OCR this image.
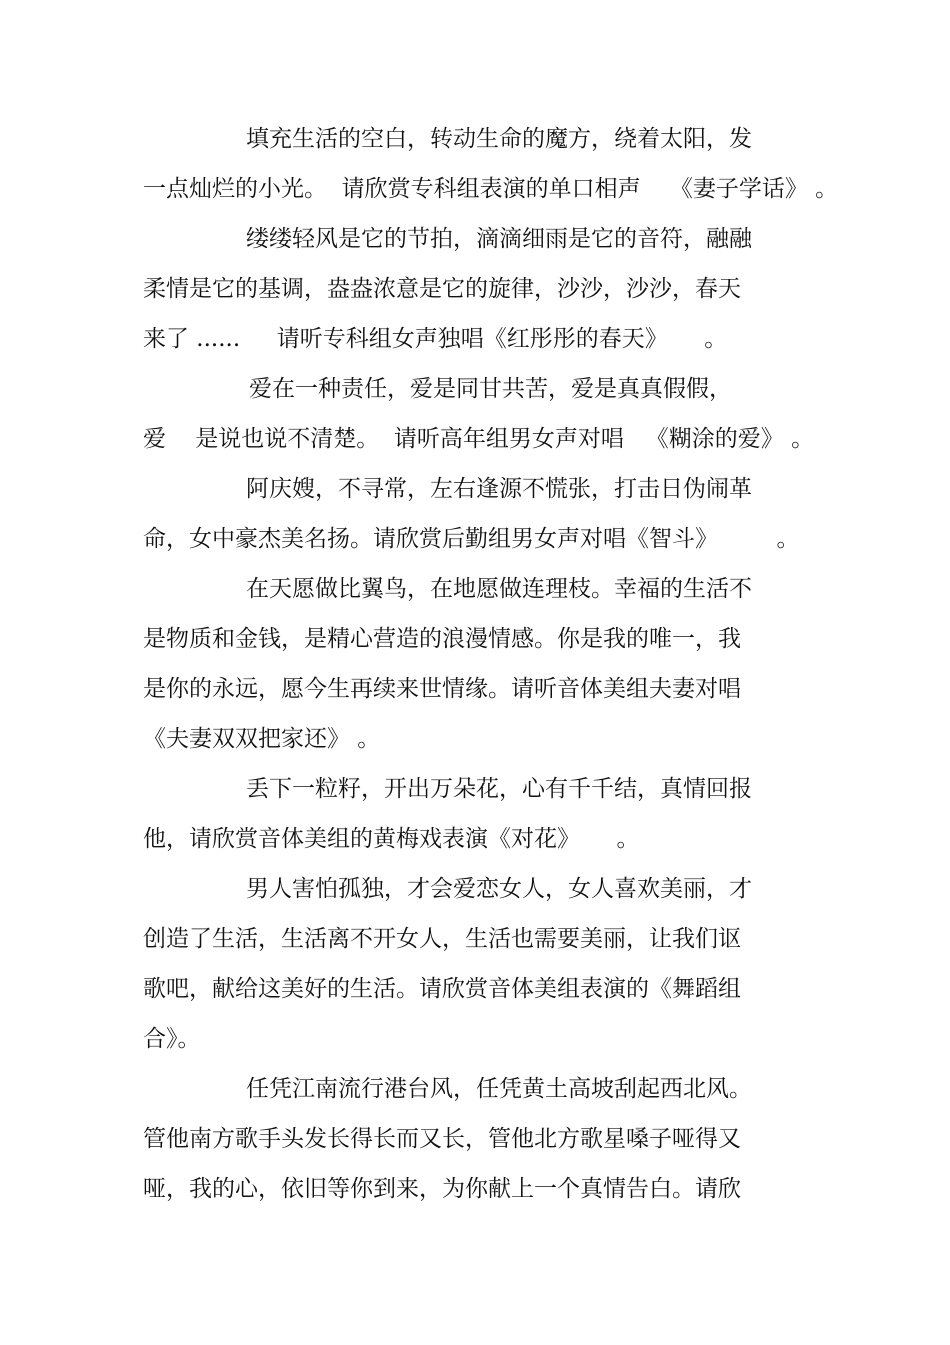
填充生活的空白，转动生命的魔方，绕着太阳，发
一点灿烂的小光。  请欣赏专科组表演的单口相声    《妻子学话》 。
缕缕轻风是它的节拍，滴滴细雨是它的音符，融融
柔情是它的基调，盎盎浓意是它的旋律，沙沙，沙沙，春天
来了 ......     请听专科组女声独唱《红彤彤的春天》     。
爱在一种责任，爱是同甘共苦，爱是真真假假，
爱    是说也说不清楚。  请听高年组男女声对唱   《糊涂的爱》 。
阿庆嫂，不寻常，左右逢源不慌张，打击日伪闹革
命，女中豪杰美名扬。请欣赏后勤组男女声对唱《智斗》        。
在天愿做比翼鸟，在地愿做连理枝。幸福的生活不
是物质和金钱，是精心营造的浪漫情感。你是我的唯一，我
是你的永远，愿今生再续来世情缘。请听音体美组夫妻对唱
《夫妻双双把家还》 。
丢下一粒籽，开出万朵花，心有千千结，真情回报
他，请欣赏音体美组的黄梅戏表演《对花》     。
男人害怕孤独，才会爱恋女人，女人喜欢美丽，才
创造了生活，生活离不开女人，生活也需要美丽，让我们讴
歌吧，献给这美好的生活。请欣赏音体美组表演的《舞蹈组
合》。
任凭江南流行港台风，任凭黄土高坡刮起西北风。
管他南方歌手头发长得长而又长，管他北方歌星嗓子哑得又
哑，我的心，依旧等你到来，为你献上一个真情告白。请欣
